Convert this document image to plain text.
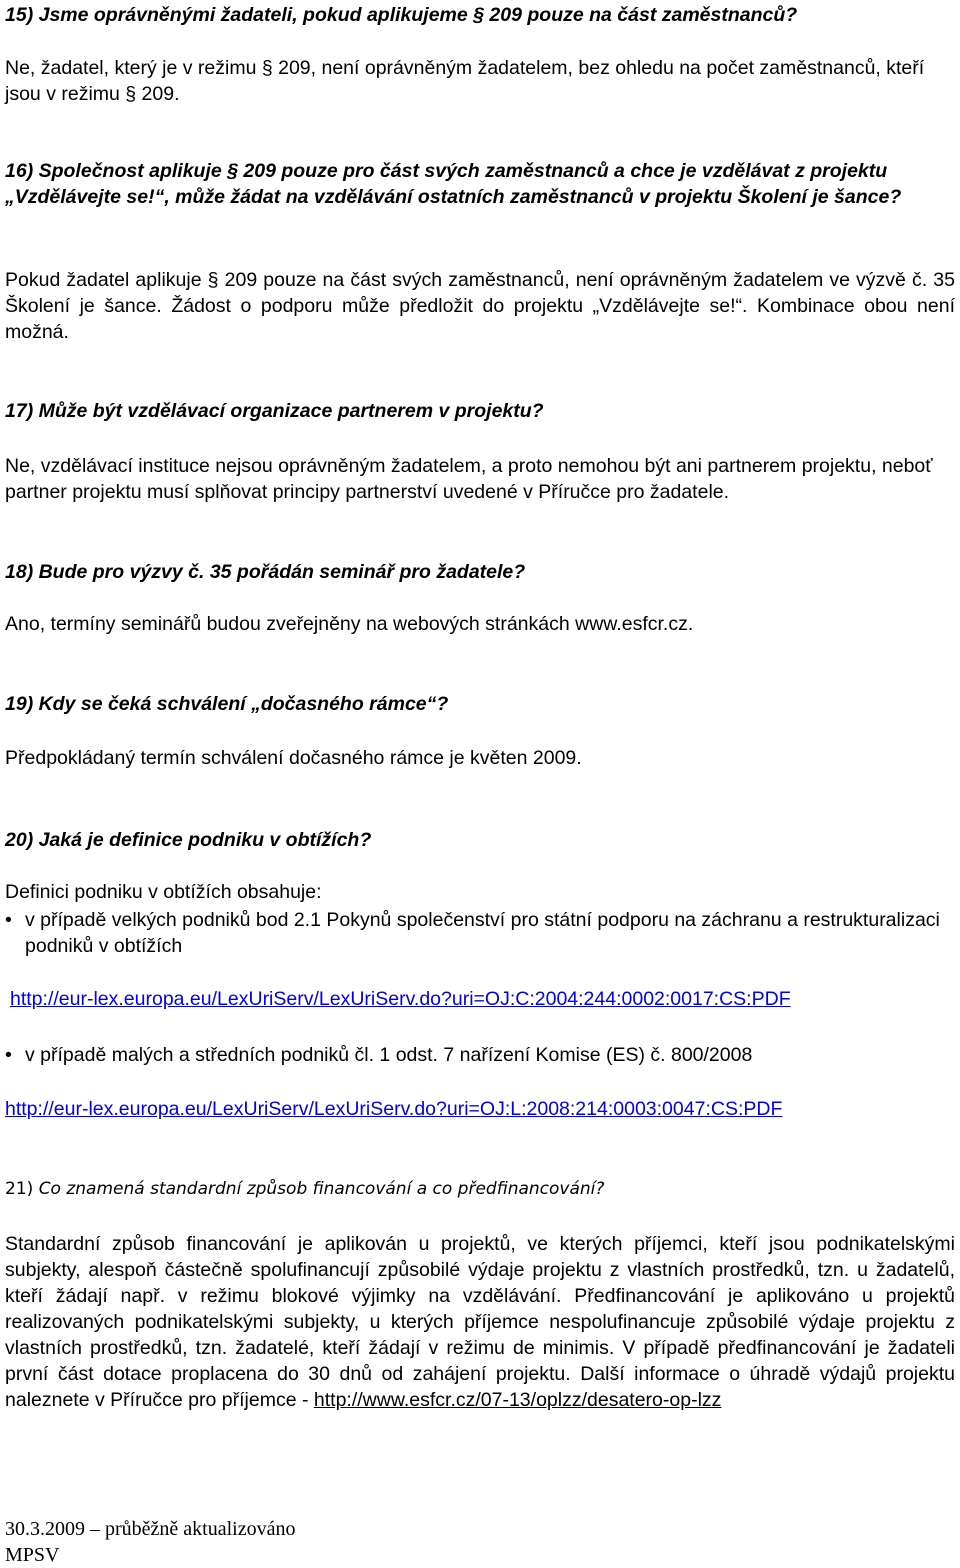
15) Jsme oprávněnými žadateli, pokud aplikujeme § 209 pouze na část zaměstnanců?

Ne, žadatel, který je v režimu § 209, není oprávněným žadatelem, bez ohledu na počet zaměstnanců, kteří jsou v režimu § 209.

16) Společnost aplikuje § 209 pouze pro část svých zaměstnanců a chce je vzdělávat z projektu „Vzdělávejte se!“, může žádat na vzdělávání ostatních zaměstnanců v projektu Školení je šance?

Pokud žadatel aplikuje § 209 pouze na část svých zaměstnanců, není oprávněným žadatelem ve výzvě č. 35 Školení je šance. Žádost o podporu může předložit do projektu „Vzdělávejte se!“. Kombinace obou není možná.

17) Může být vzdělávací organizace partnerem v projektu?

Ne, vzdělávací instituce nejsou oprávněným žadatelem, a proto nemohou být ani partnerem projektu, neboť partner projektu musí splňovat principy partnerství uvedené v Příručce pro žadatele.

18) Bude pro výzvy č. 35 pořádán seminář pro žadatele?

Ano, termíny seminářů budou zveřejněny na webových stránkách www.esfcr.cz.

19) Kdy se čeká schválení „dočasného rámce“?

Předpokládaný termín schválení dočasného rámce je květen 2009.

20) Jaká je definice podniku v obtížích?

Definici podniku v obtížích obsahuje:

• v případě velkých podniků bod 2.1 Pokynů společenství pro státní podporu na záchranu a restrukturalizaci podniků v obtížích
http://eur-lex.europa.eu/LexUriServ/LexUriServ.do?uri=OJ:C:2004:244:0002:0017:CS:PDF
• v případě malých a středních podniků čl. 1 odst. 7 nařízení Komise (ES) č. 800/2008
http://eur-lex.europa.eu/LexUriServ/LexUriServ.do?uri=OJ:L:2008:214:0003:0047:CS:PDF

21) Co znamená standardní způsob financování a co předfinancování?

Standardní způsob financování je aplikován u projektů, ve kterých příjemci, kteří jsou podnikatelskými subjekty, alespoň částečně spolufinancují způsobilé výdaje projektu z vlastních prostředků, tzn. u žadatelů, kteří žádají např. v režimu blokové výjimky na vzdělávání. Předfinancování je aplikováno u projektů realizovaných podnikatelskými subjekty, u kterých příjemce nespolufinancuje způsobilé výdaje projektu z vlastních prostředků, tzn. žadatelé, kteří žádají v režimu de minimis. V případě předfinancování je žadateli první část dotace proplacena do 30 dnů od zahájení projektu. Další informace o úhradě výdajů projektu naleznete v Příručce pro příjemce - http://www.esfcr.cz/07-13/oplzz/desatero-op-lzz

30.3.2009 – průběžně aktualizováno
MPSV
